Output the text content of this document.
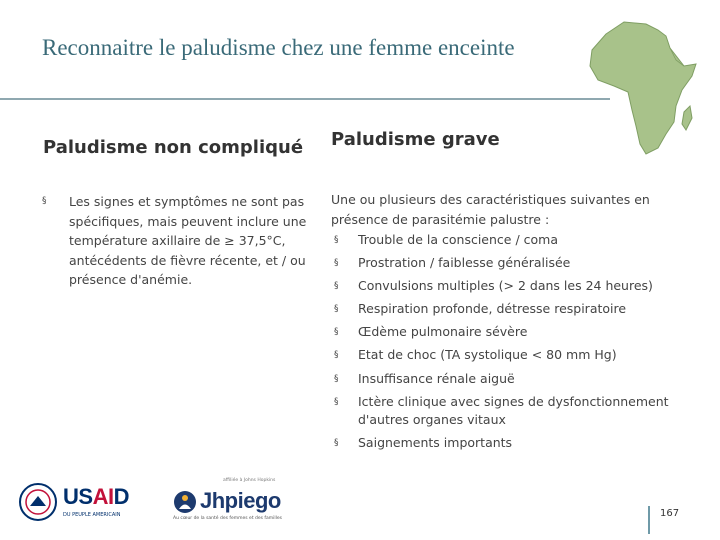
Reconnaitre le paludisme chez une femme enceinte
Paludisme non compliqué Paludisme grave
§ Les signes et symptômes ne sont pas spécifiques, mais peuvent inclure une température axillaire de ≥ 37,5°C, antécédents de fièvre récente, et / ou présence d'anémie.
Une ou plusieurs des caractéristiques suivantes en présence de parasitémie palustre :
§ Trouble de la conscience / coma
§ Prostration / faiblesse généralisée
§ Convulsions multiples (> 2 dans les 24 heures)
§ Respiration profonde, détresse respiratoire
§ Œdème pulmonaire sévère
§ Etat de choc (TA systolique < 80 mm Hg)
§ Insuffisance rénale aiguë
§ Ictère clinique avec signes de dysfonctionnement d'autres organes vitaux
§ Saignements importants
USAID
DU PEUPLE AMERICAIN
affiliée à Johns Hopkins
Jhpiego
Au cœur de la santé des femmes et des familles	167
